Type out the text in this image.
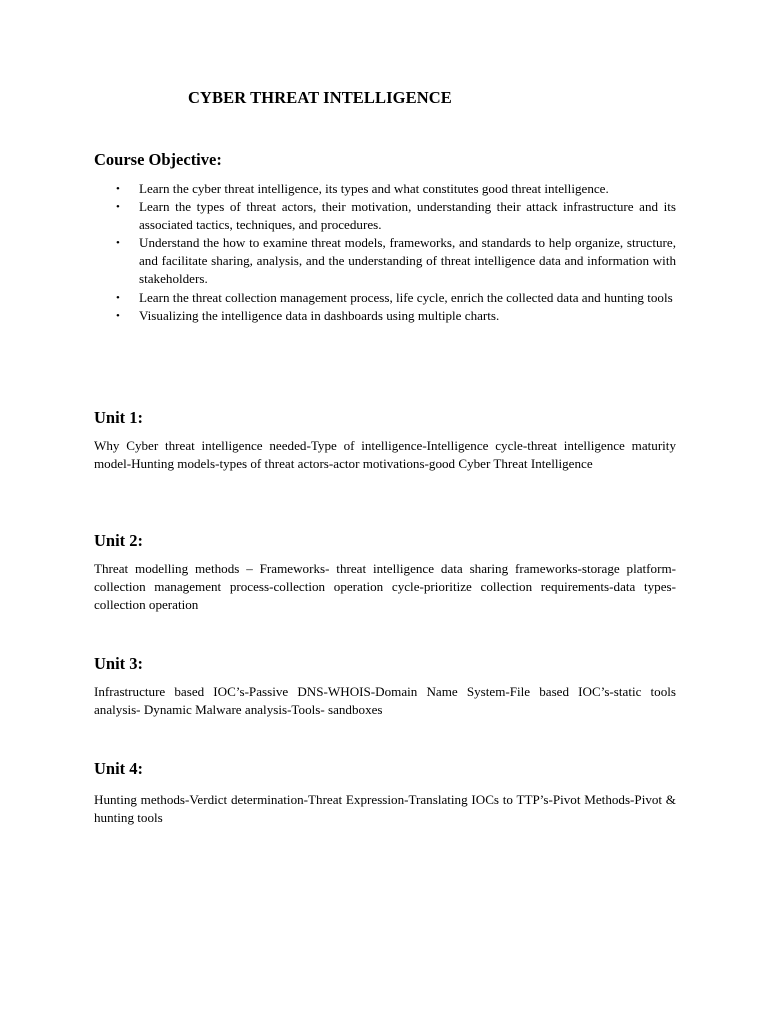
CYBER THREAT INTELLIGENCE
Course Objective:
• Learn the cyber threat intelligence, its types and what constitutes good threat intelligence.
• Learn the types of threat actors, their motivation, understanding their attack infrastructure and its associated tactics, techniques, and procedures.
• Understand the how to examine threat models, frameworks, and standards to help organize, structure, and facilitate sharing, analysis, and the understanding of threat intelligence data and information with stakeholders.
• Learn the threat collection management process, life cycle, enrich the collected data and hunting tools
• Visualizing the intelligence data in dashboards using multiple charts.
Unit 1:

Why Cyber threat intelligence needed-Type of intelligence-Intelligence cycle-threat intelligence maturity model-Hunting models-types of threat actors-actor motivations-good Cyber Threat Intelligence

Unit 2:

Threat modelling methods – Frameworks- threat intelligence data sharing frameworks-storage platform-collection management process-collection operation cycle-prioritize collection requirements-data types-collection operation

Unit 3:

Infrastructure based IOC’s-Passive DNS-WHOIS-Domain Name System-File based IOC’s-static tools analysis- Dynamic Malware analysis-Tools- sandboxes

Unit 4:

Hunting methods-Verdict determination-Threat Expression-Translating IOCs to TTP’s-Pivot Methods-Pivot & hunting tools
